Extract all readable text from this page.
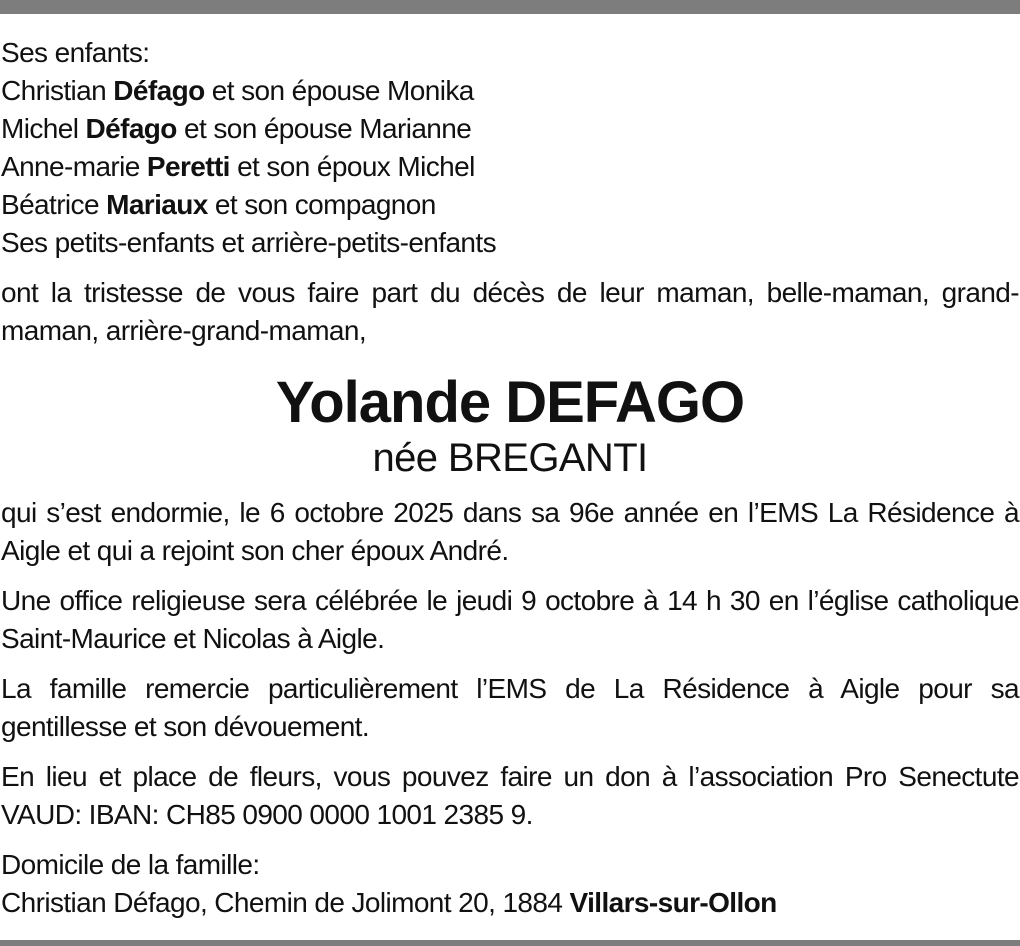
Ses enfants:
Christian Défago et son épouse Monika
Michel Défago et son épouse Marianne
Anne-marie Peretti et son époux Michel
Béatrice Mariaux et son compagnon
Ses petits-enfants et arrière-petits-enfants

ont la tristesse de vous faire part du décès de leur maman, belle-maman, grand-maman, arrière-grand-maman,

Yolande DEFAGO
née BREGANTI

qui s’est endormie, le 6 octobre 2025 dans sa 96e année en l’EMS La Résidence à Aigle et qui a rejoint son cher époux André.

Une office religieuse sera célébrée le jeudi 9 octobre à 14 h 30 en l’église catholique Saint-Maurice et Nicolas à Aigle.

La famille remercie particulièrement l’EMS de La Résidence à Aigle pour sa gentillesse et son dévouement.

En lieu et place de fleurs, vous pouvez faire un don à l’association Pro Senectute VAUD: IBAN: CH85 0900 0000 1001 2385 9.

Domicile de la famille:
Christian Défago, Chemin de Jolimont 20, 1884 Villars-sur-Ollon
